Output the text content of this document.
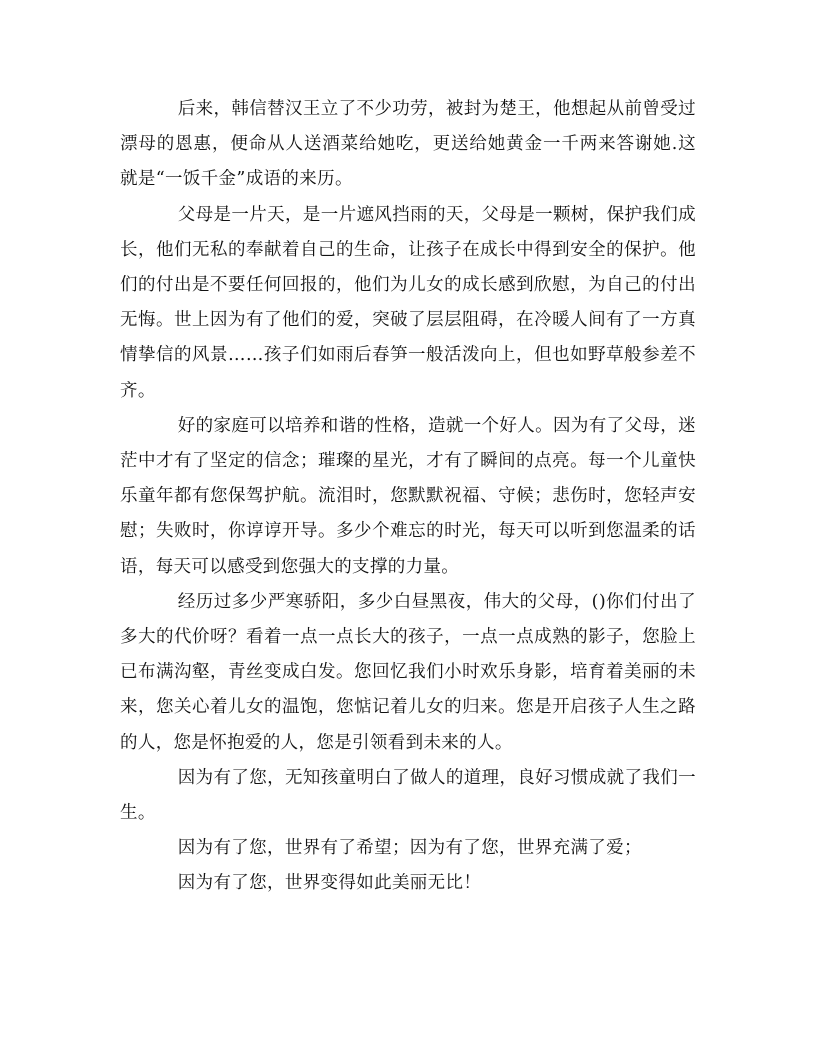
后来，韩信替汉王立了不少功劳，被封为楚王，他想起从前曾受过漂母的恩惠，便命从人送酒菜给她吃，更送给她黄金一千两来答谢她.这就是“一饭千金”成语的来历。

父母是一片天，是一片遮风挡雨的天，父母是一颗树，保护我们成长，他们无私的奉献着自己的生命，让孩子在成长中得到安全的保护。他们的付出是不要任何回报的，他们为儿女的成长感到欣慰，为自己的付出无悔。世上因为有了他们的爱，突破了层层阻碍，在冷暖人间有了一方真情挚信的风景……孩子们如雨后春笋一般活泼向上，但也如野草般参差不齐。

好的家庭可以培养和谐的性格，造就一个好人。因为有了父母，迷茫中才有了坚定的信念；璀璨的星光，才有了瞬间的点亮。每一个儿童快乐童年都有您保驾护航。流泪时，您默默祝福、守候；悲伤时，您轻声安慰；失败时，你谆谆开导。多少个难忘的时光，每天可以听到您温柔的话语，每天可以感受到您强大的支撑的力量。

经历过多少严寒骄阳，多少白昼黑夜，伟大的父母，()你们付出了多大的代价呀？看着一点一点长大的孩子，一点一点成熟的影子，您脸上已布满沟壑，青丝变成白发。您回忆我们小时欢乐身影，培育着美丽的未来，您关心着儿女的温饱，您惦记着儿女的归来。您是开启孩子人生之路的人，您是怀抱爱的人，您是引领看到未来的人。

因为有了您，无知孩童明白了做人的道理，良好习惯成就了我们一生。

因为有了您，世界有了希望；因为有了您，世界充满了爱；

因为有了您，世界变得如此美丽无比！
